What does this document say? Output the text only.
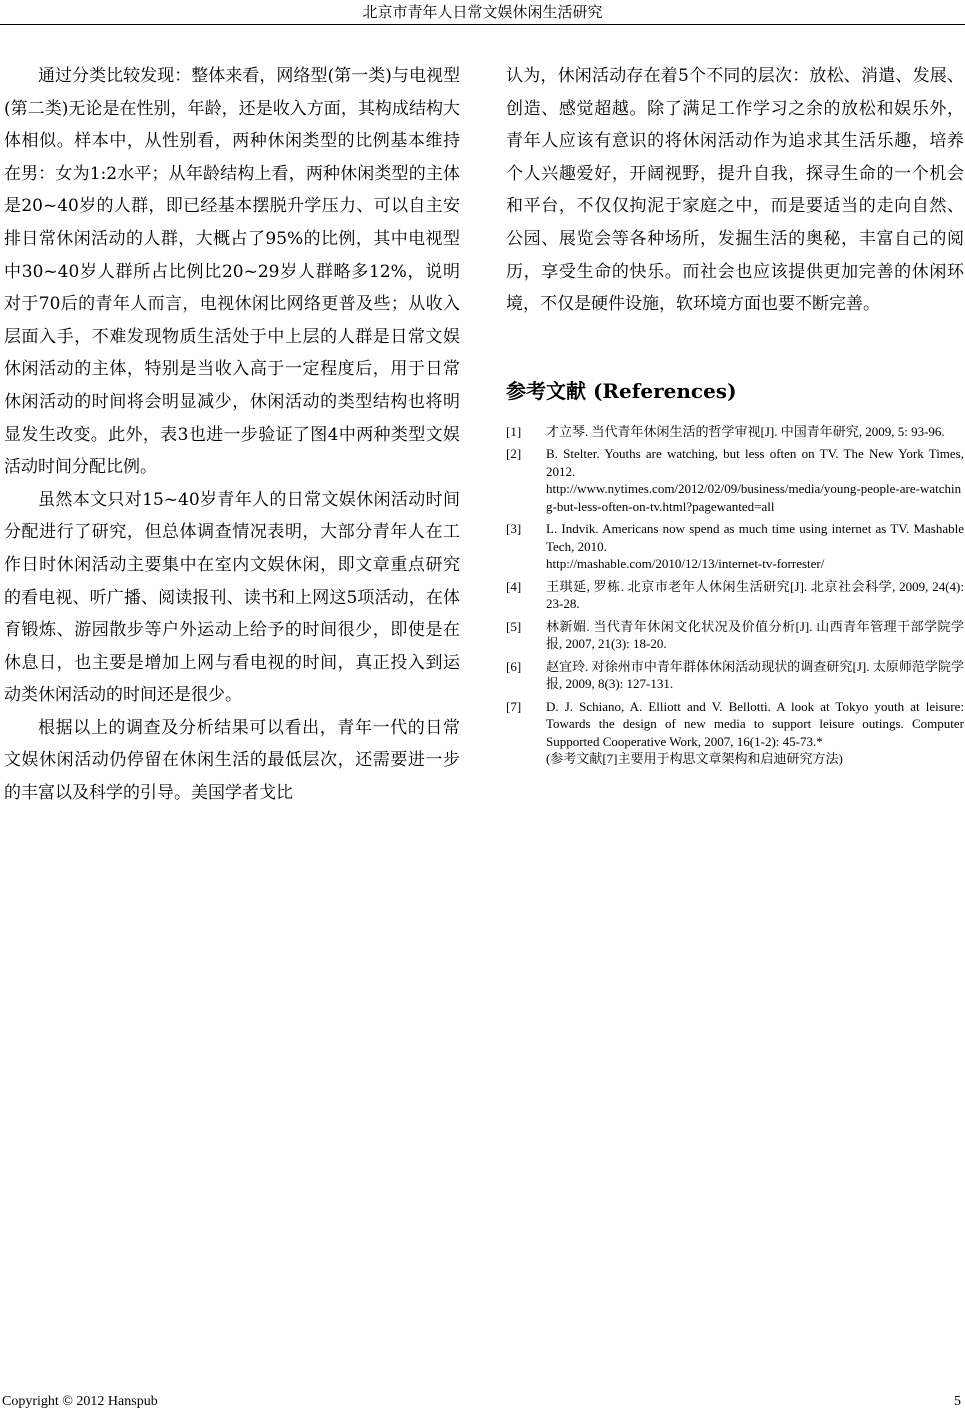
北京市青年人日常文娱休闲生活研究

通过分类比较发现：整体来看，网络型(第一类)与电视型(第二类)无论是在性别，年龄，还是收入方面，其构成结构大体相似。样本中，从性别看，两种休闲类型的比例基本维持在男：女为1:2水平；从年龄结构上看，两种休闲类型的主体是20~40岁的人群，即已经基本摆脱升学压力、可以自主安排日常休闲活动的人群，大概占了95%的比例，其中电视型中30~40岁人群所占比例比20~29岁人群略多12%，说明对于70后的青年人而言，电视休闲比网络更普及些；从收入层面入手，不难发现物质生活处于中上层的人群是日常文娱休闲活动的主体，特别是当收入高于一定程度后，用于日常休闲活动的时间将会明显减少，休闲活动的类型结构也将明显发生改变。此外，表3也进一步验证了图4中两种类型文娱活动时间分配比例。

虽然本文只对15~40岁青年人的日常文娱休闲活动时间分配进行了研究，但总体调查情况表明，大部分青年人在工作日时休闲活动主要集中在室内文娱休闲，即文章重点研究的看电视、听广播、阅读报刊、读书和上网这5项活动，在体育锻炼、游园散步等户外运动上给予的时间很少，即使是在休息日，也主要是增加上网与看电视的时间，真正投入到运动类休闲活动的时间还是很少。

根据以上的调查及分析结果可以看出，青年一代的日常文娱休闲活动仍停留在休闲生活的最低层次，还需要进一步的丰富以及科学的引导。美国学者戈比

认为，休闲活动存在着5个不同的层次：放松、消遣、发展、创造、感觉超越。除了满足工作学习之余的放松和娱乐外，青年人应该有意识的将休闲活动作为追求其生活乐趣，培养个人兴趣爱好，开阔视野，提升自我，探寻生命的一个机会和平台，不仅仅拘泥于家庭之中，而是要适当的走向自然、公园、展览会等各种场所，发掘生活的奥秘，丰富自己的阅历，享受生命的快乐。而社会也应该提供更加完善的休闲环境，不仅是硬件设施，软环境方面也要不断完善。

参考文献 (References)
[1] 才立琴. 当代青年休闲生活的哲学审视[J]. 中国青年研究, 2009, 5: 93-96.
[2] B. Stelter. Youths are watching, but less often on TV. The New York Times, 2012.
http://www.nytimes.com/2012/02/09/business/media/young-people-are-watching-but-less-often-on-tv.html?pagewanted=all
[3] L. Indvik. Americans now spend as much time using internet as TV. Mashable Tech, 2010.
http://mashable.com/2010/12/13/internet-tv-forrester/
[4] 王琪延, 罗栋. 北京市老年人休闲生活研究[J]. 北京社会科学, 2009, 24(4): 23-28.
[5] 林新媚. 当代青年休闲文化状况及价值分析[J]. 山西青年管理干部学院学报, 2007, 21(3): 18-20.
[6] 赵宜玲. 对徐州市中青年群体休闲活动现状的调查研究[J]. 太原师范学院学报, 2009, 8(3): 127-131.
[7] D. J. Schiano, A. Elliott and V. Bellotti. A look at Tokyo youth at leisure: Towards the design of new media to support leisure outings. Computer Supported Cooperative Work, 2007, 16(1-2): 45-73.*
(参考文献[7]主要用于构思文章架构和启迪研究方法)
Copyright © 2012 Hanspub	5
